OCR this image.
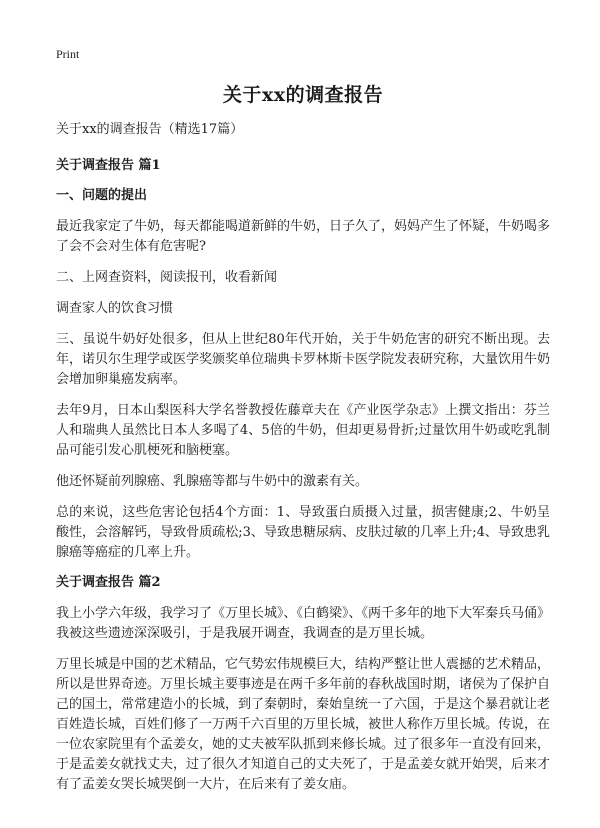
Print
关于xx的调查报告
关于xx的调查报告（精选17篇）
关于调查报告 篇1
一、问题的提出

最近我家定了牛奶，每天都能喝道新鲜的牛奶，日子久了，妈妈产生了怀疑，牛奶喝多了会不会对生体有危害呢?

二、上网查资料，阅读报刊，收看新闻

调查家人的饮食习惯

三、虽说牛奶好处很多，但从上世纪80年代开始，关于牛奶危害的研究不断出现。去年，诺贝尔生理学或医学奖颁奖单位瑞典卡罗林斯卡医学院发表研究称，大量饮用牛奶会增加卵巢癌发病率。

去年9月，日本山梨医科大学名誉教授佐藤章夫在《产业医学杂志》上撰文指出：芬兰人和瑞典人虽然比日本人多喝了4、5倍的牛奶，但却更易骨折;过量饮用牛奶或吃乳制品可能引发心肌梗死和脑梗塞。

他还怀疑前列腺癌、乳腺癌等都与牛奶中的激素有关。

总的来说，这些危害论包括4个方面：1、导致蛋白质摄入过量，损害健康;2、牛奶呈酸性，会溶解钙，导致骨质疏松;3、导致患糖尿病、皮肤过敏的几率上升;4、导致患乳腺癌等癌症的几率上升。

关于调查报告 篇2

我上小学六年级，我学习了《万里长城》、《白鹤梁》、《两千多年的地下大军秦兵马俑》我被这些遗迹深深吸引，于是我展开调查，我调查的是万里长城。

万里长城是中国的艺术精品，它气势宏伟规模巨大，结构严整让世人震撼的艺术精品，所以是世界奇迹。万里长城主要事迹是在两千多年前的春秋战国时期，诸侯为了保护自己的国土，常常建造小的长城，到了秦朝时，秦始皇统一了六国，于是这个暴君就让老百姓造长城，百姓们修了一万两千六百里的万里长城，被世人称作万里长城。传说，在一位农家院里有个孟姜女，她的丈夫被军队抓到来修长城。过了很多年一直没有回来，于是孟姜女就找丈夫，过了很久才知道自己的丈夫死了，于是孟姜女就开始哭，后来才有了孟姜女哭长城哭倒一大片，在后来有了姜女庙。
